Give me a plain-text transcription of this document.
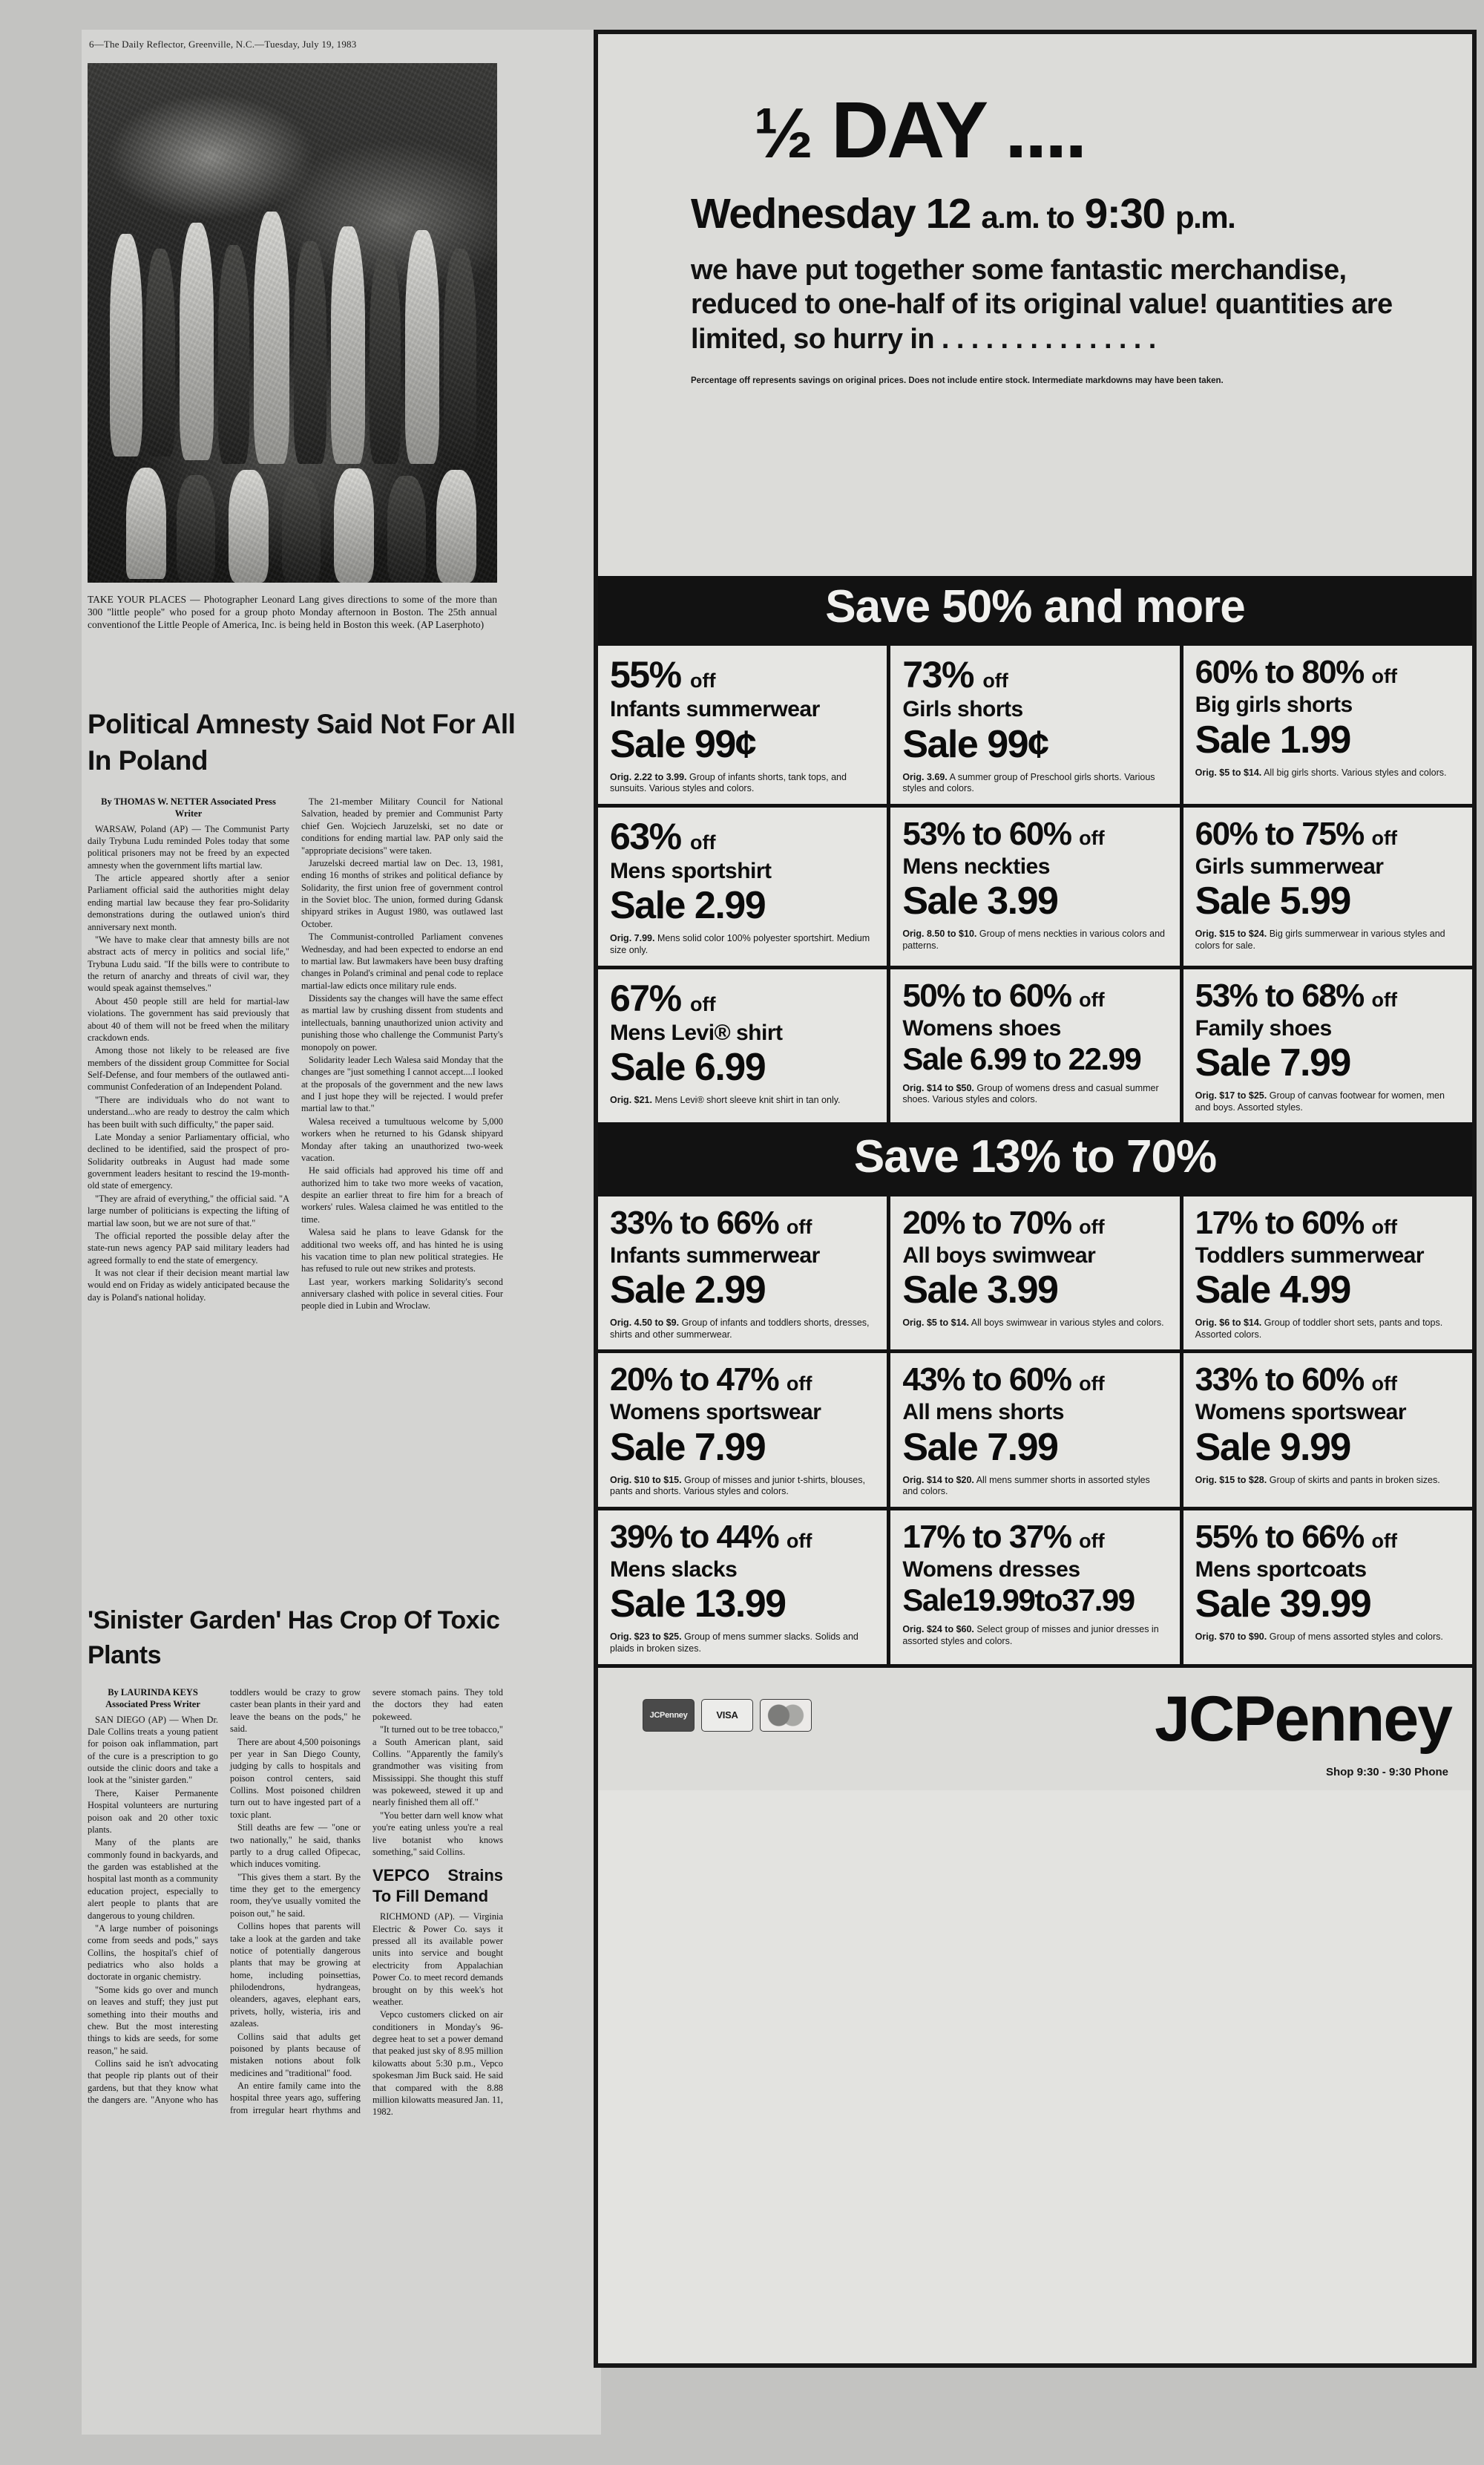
6—The Daily Reflector, Greenville, N.C.—Tuesday, July 19, 1983
TAKE YOUR PLACES — Photographer Leonard Lang gives directions to some of the more than 300 "little people" who posed for a group photo Monday afternoon in Boston. The 25th annual conventionof the Little People of America, Inc. is being held in Boston this week. (AP Laserphoto)
Political Amnesty Said Not For All In Poland
By THOMAS W. NETTER Associated Press Writer

WARSAW, Poland (AP) — The Communist Party daily Trybuna Ludu reminded Poles today that some political prisoners may not be freed by an expected amnesty when the government lifts martial law.

The article appeared shortly after a senior Parliament official said the authorities might delay ending martial law because they fear pro-Solidarity demonstrations during the outlawed union's third anniversary next month.

"We have to make clear that amnesty bills are not abstract acts of mercy in politics and social life," Trybuna Ludu said. "If the bills were to contribute to the return of anarchy and threats of civil war, they would speak against themselves."

About 450 people still are held for martial-law violations. The government has said previously that about 40 of them will not be freed when the military crackdown ends.

Among those not likely to be released are five members of the dissident group Committee for Social Self-Defense, and four members of the outlawed anti-communist Confederation of an Independent Poland.

"There are individuals who do not want to understand...who are ready to destroy the calm which has been built with such difficulty," the paper said.

Late Monday a senior Parliamentary official, who declined to be identified, said the prospect of pro-Solidarity outbreaks in August had made some government leaders hesitant to rescind the 19-month-old state of emergency.

"They are afraid of everything," the official said. "A large number of politicians is expecting the lifting of martial law soon, but we are not sure of that."

The official reported the possible delay after the state-run news agency PAP said military leaders had agreed formally to end the state of emergency.

It was not clear if their decision meant martial law would end on Friday as widely anticipated because the day is Poland's national holiday.

The 21-member Military Council for National Salvation, headed by premier and Communist Party chief Gen. Wojciech Jaruzelski, set no date or conditions for ending martial law. PAP only said the "appropriate decisions" were taken.

Jaruzelski decreed martial law on Dec. 13, 1981, ending 16 months of strikes and political defiance by Solidarity, the first union free of government control in the Soviet bloc. The union, formed during Gdansk shipyard strikes in August 1980, was outlawed last October.

The Communist-controlled Parliament convenes Wednesday, and had been expected to endorse an end to martial law. But lawmakers have been busy drafting changes in Poland's criminal and penal code to replace martial-law edicts once military rule ends.

Dissidents say the changes will have the same effect as martial law by crushing dissent from students and intellectuals, banning unauthorized union activity and punishing those who challenge the Communist Party's monopoly on power.

Solidarity leader Lech Walesa said Monday that the changes are "just something I cannot accept....I looked at the proposals of the government and the new laws and I just hope they will be rejected. I would prefer martial law to that."

Walesa received a tumultuous welcome by 5,000 workers when he returned to his Gdansk shipyard Monday after taking an unauthorized two-week vacation.

He said officials had approved his time off and authorized him to take two more weeks of vacation, despite an earlier threat to fire him for a breach of workers' rules. Walesa claimed he was entitled to the time.

Walesa said he plans to leave Gdansk for the additional two weeks off, and has hinted he is using his vacation time to plan new political strategies. He has refused to rule out new strikes and protests.

Last year, workers marking Solidarity's second anniversary clashed with police in several cities. Four people died in Lubin and Wroclaw.

'Sinister Garden' Has Crop Of Toxic Plants
By LAURINDA KEYS Associated Press Writer

SAN DIEGO (AP) — When Dr. Dale Collins treats a young patient for poison oak inflammation, part of the cure is a prescription to go outside the clinic doors and take a look at the "sinister garden."

There, Kaiser Permanente Hospital volunteers are nurturing poison oak and 20 other toxic plants.

Many of the plants are commonly found in backyards, and the garden was established at the hospital last month as a community education project, especially to alert people to plants that are dangerous to young children.

"A large number of poisonings come from seeds and pods," says Collins, the hospital's chief of pediatrics who also holds a doctorate in organic chemistry.

"Some kids go over and munch on leaves and stuff; they just put something into their mouths and chew. But the most interesting things to kids are seeds, for some reason," he said.

Collins said he isn't advocating that people rip plants out of their gardens, but that they know what the dangers are. "Anyone who has toddlers would be crazy to grow caster bean plants in their yard and leave the beans on the pods," he said.

There are about 4,500 poisonings per year in San Diego County, judging by calls to hospitals and poison control centers, said Collins. Most poisoned children turn out to have ingested part of a toxic plant.

Still deaths are few — "one or two nationally," he said, thanks partly to a drug called Ofipecac, which induces vomiting.

"This gives them a start. By the time they get to the emergency room, they've usually vomited the poison out," he said.

Collins hopes that parents will take a look at the garden and take notice of potentially dangerous plants that may be growing at home, including poinsettias, philodendrons, hydrangeas, oleanders, agaves, elephant ears, privets, holly, wisteria, iris and azaleas.

Collins said that adults get poisoned by plants because of mistaken notions about folk medicines and "traditional" food.

An entire family came into the hospital three years ago, suffering from irregular heart rhythms and severe stomach pains. They told the doctors they had eaten pokeweed.

"It turned out to be tree tobacco," a South American plant, said Collins. "Apparently the family's grandmother was visiting from Mississippi. She thought this stuff was pokeweed, stewed it up and nearly finished them all off."

"You better darn well know what you're eating unless you're a real live botanist who knows something," said Collins.

VEPCO Strains To Fill Demand

RICHMOND (AP). — Virginia Electric & Power Co. says it pressed all its available power units into service and bought electricity from Appalachian Power Co. to meet record demands brought on by this week's hot weather.

Vepco customers clicked on air conditioners in Monday's 96-degree heat to set a power demand that peaked just sky of 8.95 million kilowatts about 5:30 p.m., Vepco spokesman Jim Buck said. He said that compared with the 8.88 million kilowatts measured Jan. 11, 1982.

½ DAY ....
Wednesday 12 a.m. to 9:30 p.m.
we have put together some fantastic merchandise, reduced to one-half of its original value! quantities are limited, so hurry in . . . . . . . . . . . . . . .
Percentage off represents savings on original prices. Does not include entire stock. Intermediate markdowns may have been taken.
Save 50% and more
55% off
Infants summerwear
Sale 99¢
Orig. 2.22 to 3.99. Group of infants shorts, tank tops, and sunsuits. Various styles and colors.
73% off
Girls shorts
Sale 99¢
Orig. 3.69. A summer group of Preschool girls shorts. Various styles and colors.
60% to 80% off
Big girls shorts
Sale 1.99
Orig. $5 to $14. All big girls shorts. Various styles and colors.
63% off
Mens sportshirt
Sale 2.99
Orig. 7.99. Mens solid color 100% polyester sportshirt. Medium size only.
53% to 60% off
Mens neckties
Sale 3.99
Orig. 8.50 to $10. Group of mens neckties in various colors and patterns.
60% to 75% off
Girls summerwear
Sale 5.99
Orig. $15 to $24. Big girls summerwear in various styles and colors for sale.
67% off
Mens Levi® shirt
Sale 6.99
Orig. $21. Mens Levi® short sleeve knit shirt in tan only.
50% to 60% off
Womens shoes
Sale 6.99 to 22.99
Orig. $14 to $50. Group of womens dress and casual summer shoes. Various styles and colors.
53% to 68% off
Family shoes
Sale 7.99
Orig. $17 to $25. Group of canvas footwear for women, men and boys. Assorted styles.
Save 13% to 70%
33% to 66% off
Infants summerwear
Sale 2.99
Orig. 4.50 to $9. Group of infants and toddlers shorts, dresses, shirts and other summerwear.
20% to 70% off
All boys swimwear
Sale 3.99
Orig. $5 to $14. All boys swimwear in various styles and colors.
17% to 60% off
Toddlers summerwear
Sale 4.99
Orig. $6 to $14. Group of toddler short sets, pants and tops. Assorted colors.
20% to 47% off
Womens sportswear
Sale 7.99
Orig. $10 to $15. Group of misses and junior t-shirts, blouses, pants and shorts. Various styles and colors.
43% to 60% off
All mens shorts
Sale 7.99
Orig. $14 to $20. All mens summer shorts in assorted styles and colors.
33% to 60% off
Womens sportswear
Sale 9.99
Orig. $15 to $28. Group of skirts and pants in broken sizes.
39% to 44% off
Mens slacks
Sale 13.99
Orig. $23 to $25. Group of mens summer slacks. Solids and plaids in broken sizes.
17% to 37% off
Womens dresses
Sale19.99to37.99
Orig. $24 to $60. Select group of misses and junior dresses in assorted styles and colors.
55% to 66% off
Mens sportcoats
Sale 39.99
Orig. $70 to $90. Group of mens assorted styles and colors.
JCPenney	VISA	JCPenney
Shop 9:30 - 9:30 Phone
